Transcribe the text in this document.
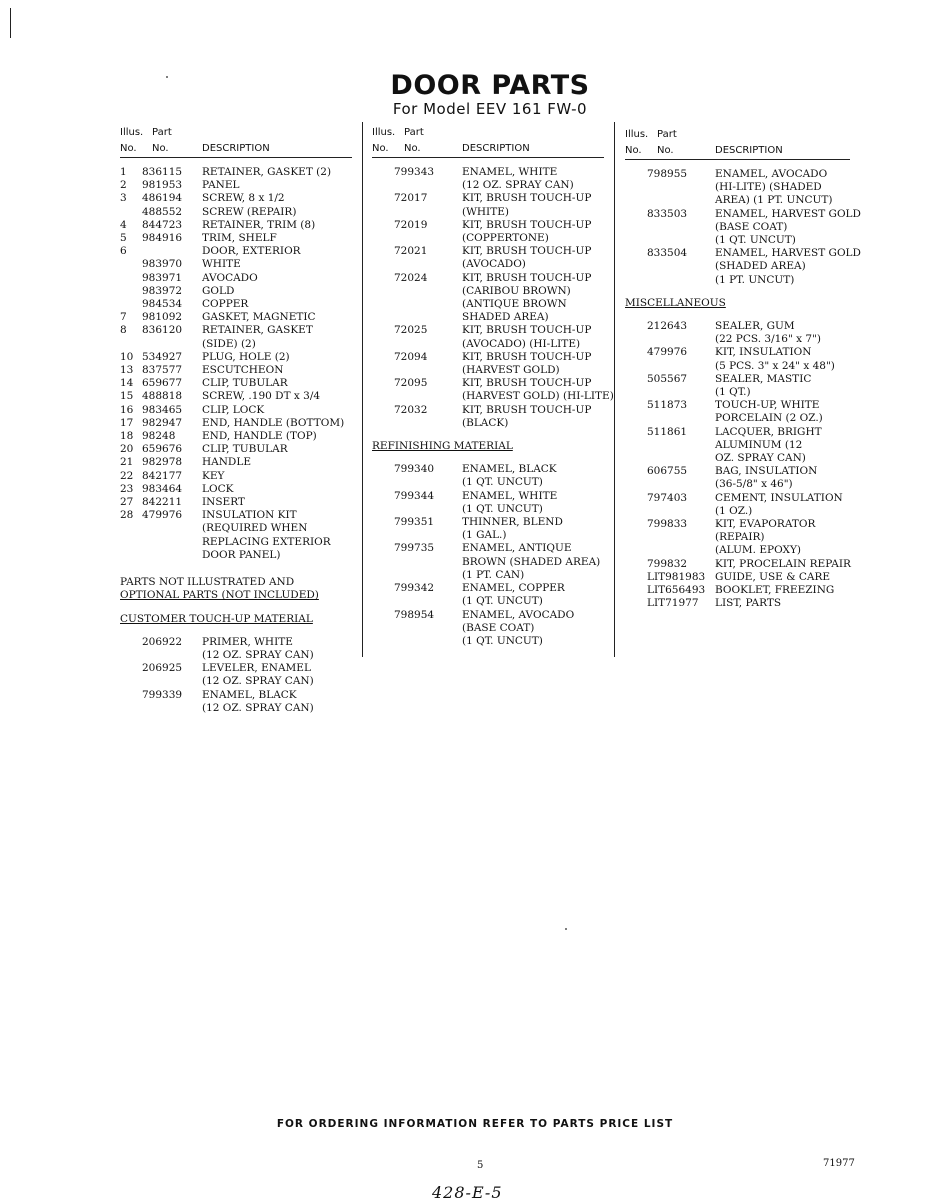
DOOR PARTS
For Model EEV 161 FW-0
Illus. Part
No. No.	DESCRIPTION
1	836115	RETAINER, GASKET (2)
2	981953	PANEL
3	486194	SCREW, 8 x 1/2
488552	SCREW (REPAIR)
4	844723	RETAINER, TRIM (8)
5	984916	TRIM, SHELF
6	DOOR, EXTERIOR
983970	WHITE
983971	AVOCADO
983972	GOLD
984534	COPPER
7	981092	GASKET, MAGNETIC
8	836120	RETAINER, GASKET
(SIDE) (2)
10 534927	PLUG, HOLE (2)
13 837577	ESCUTCHEON
14 659677	CLIP, TUBULAR
15 488818	SCREW, .190 DT x 3/4
16 983465	CLIP, LOCK
17 982947	END, HANDLE (BOTTOM)
18 98248	END, HANDLE (TOP)
20 659676	CLIP, TUBULAR
21 982978	HANDLE
22 842177	KEY
23 983464	LOCK
27 842211	INSERT
28 479976	INSULATION KIT
(REQUIRED WHEN
REPLACING EXTERIOR
DOOR PANEL)
PARTS NOT ILLUSTRATED AND
OPTIONAL PARTS (NOT INCLUDED)
CUSTOMER TOUCH-UP MATERIAL
206922	PRIMER, WHITE
(12 OZ. SPRAY CAN)
206925	LEVELER, ENAMEL
(12 OZ. SPRAY CAN)
799339	ENAMEL, BLACK
(12 OZ. SPRAY CAN)
Illus. Part
No. No.	DESCRIPTION
799343	ENAMEL, WHITE
(12 OZ. SPRAY CAN)
72017	KIT, BRUSH TOUCH-UP
(WHITE)
72019	KIT, BRUSH TOUCH-UP
(COPPERTONE)
72021	KIT, BRUSH TOUCH-UP
(AVOCADO)
72024	KIT, BRUSH TOUCH-UP
(CARIBOU BROWN)
(ANTIQUE BROWN
SHADED AREA)
72025	KIT, BRUSH TOUCH-UP
(AVOCADO) (HI-LITE)
72094	KIT, BRUSH TOUCH-UP
(HARVEST GOLD)
72095	KIT, BRUSH TOUCH-UP
(HARVEST GOLD) (HI-LITE)
72032	KIT, BRUSH TOUCH-UP
(BLACK)
REFINISHING MATERIAL
799340	ENAMEL, BLACK
(1 QT. UNCUT)
799344	ENAMEL, WHITE
(1 QT. UNCUT)
799351	THINNER, BLEND
(1 GAL.)
799735	ENAMEL, ANTIQUE
BROWN (SHADED AREA)
(1 PT. CAN)
799342	ENAMEL, COPPER
(1 QT. UNCUT)
798954	ENAMEL, AVOCADO
(BASE COAT)
(1 QT. UNCUT)
Illus. Part
No. No.	DESCRIPTION
798955	ENAMEL, AVOCADO
(HI-LITE) (SHADED
AREA) (1 PT. UNCUT)
833503	ENAMEL, HARVEST GOLD
(BASE COAT)
(1 QT. UNCUT)
833504	ENAMEL, HARVEST GOLD
(SHADED AREA)
(1 PT. UNCUT)
MISCELLANEOUS
212643	SEALER, GUM
(22 PCS. 3/16" x 7")
479976	KIT, INSULATION
(5 PCS. 3" x 24" x 48")
505567	SEALER, MASTIC
(1 QT.)
511873	TOUCH-UP, WHITE
PORCELAIN (2 OZ.)
511861	LACQUER, BRIGHT
ALUMINUM (12
OZ. SPRAY CAN)
606755	BAG, INSULATION
(36-5/8" x 46")
797403	CEMENT, INSULATION
(1 OZ.)
799833	KIT, EVAPORATOR
(REPAIR)
(ALUM. EPOXY)
799832	KIT, PROCELAIN REPAIR
LIT981983 GUIDE, USE & CARE
LIT656493 BOOKLET, FREEZING
LIT71977	LIST, PARTS
FOR ORDERING INFORMATION REFER TO PARTS PRICE LIST
5	71977
428-E-5
